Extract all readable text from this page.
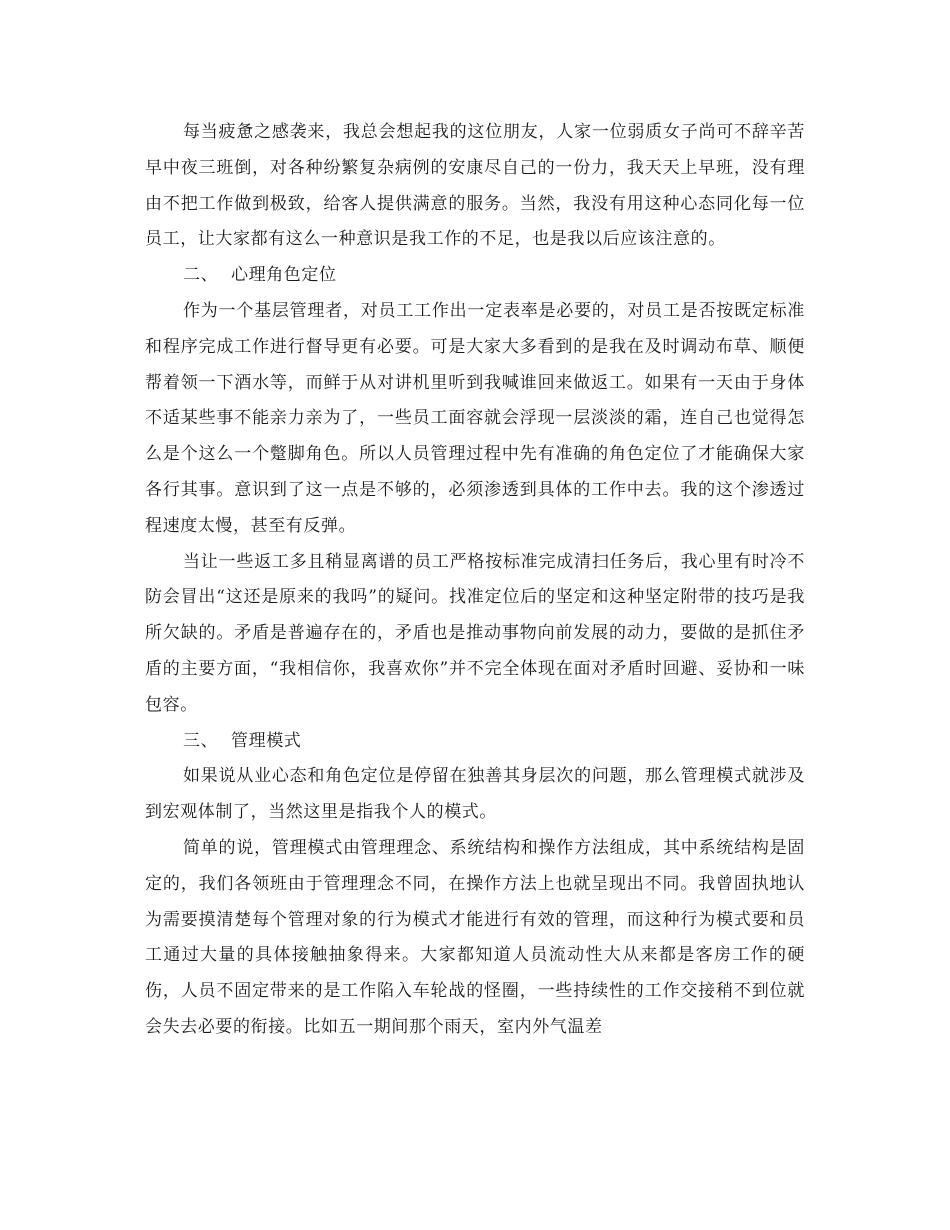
每当疲惫之感袭来，我总会想起我的这位朋友，人家一位弱质女子尚可不辞辛苦早中夜三班倒，对各种纷繁复杂病例的安康尽自己的一份力，我天天上早班，没有理由不把工作做到极致，给客人提供满意的服务。当然，我没有用这种心态同化每一位员工，让大家都有这么一种意识是我工作的不足，也是我以后应该注意的。

二、 心理角色定位

作为一个基层管理者，对员工工作出一定表率是必要的，对员工是否按既定标准和程序完成工作进行督导更有必要。可是大家大多看到的是我在及时调动布草、顺便帮着领一下酒水等，而鲜于从对讲机里听到我喊谁回来做返工。如果有一天由于身体不适某些事不能亲力亲为了，一些员工面容就会浮现一层淡淡的霜，连自己也觉得怎么是个这么一个蹩脚角色。所以人员管理过程中先有准确的角色定位了才能确保大家各行其事。意识到了这一点是不够的，必须渗透到具体的工作中去。我的这个渗透过程速度太慢，甚至有反弹。

当让一些返工多且稍显离谱的员工严格按标准完成清扫任务后，我心里有时冷不防会冒出“这还是原来的我吗”的疑问。找准定位后的坚定和这种坚定附带的技巧是我所欠缺的。矛盾是普遍存在的，矛盾也是推动事物向前发展的动力，要做的是抓住矛盾的主要方面，“我相信你，我喜欢你”并不完全体现在面对矛盾时回避、妥协和一味包容。

三、 管理模式

如果说从业心态和角色定位是停留在独善其身层次的问题，那么管理模式就涉及到宏观体制了，当然这里是指我个人的模式。

简单的说，管理模式由管理理念、系统结构和操作方法组成，其中系统结构是固定的，我们各领班由于管理理念不同，在操作方法上也就呈现出不同。我曾固执地认为需要摸清楚每个管理对象的行为模式才能进行有效的管理，而这种行为模式要和员工通过大量的具体接触抽象得来。大家都知道人员流动性大从来都是客房工作的硬伤，人员不固定带来的是工作陷入车轮战的怪圈，一些持续性的工作交接稍不到位就会失去必要的衔接。比如五一期间那个雨天，室内外气温差
